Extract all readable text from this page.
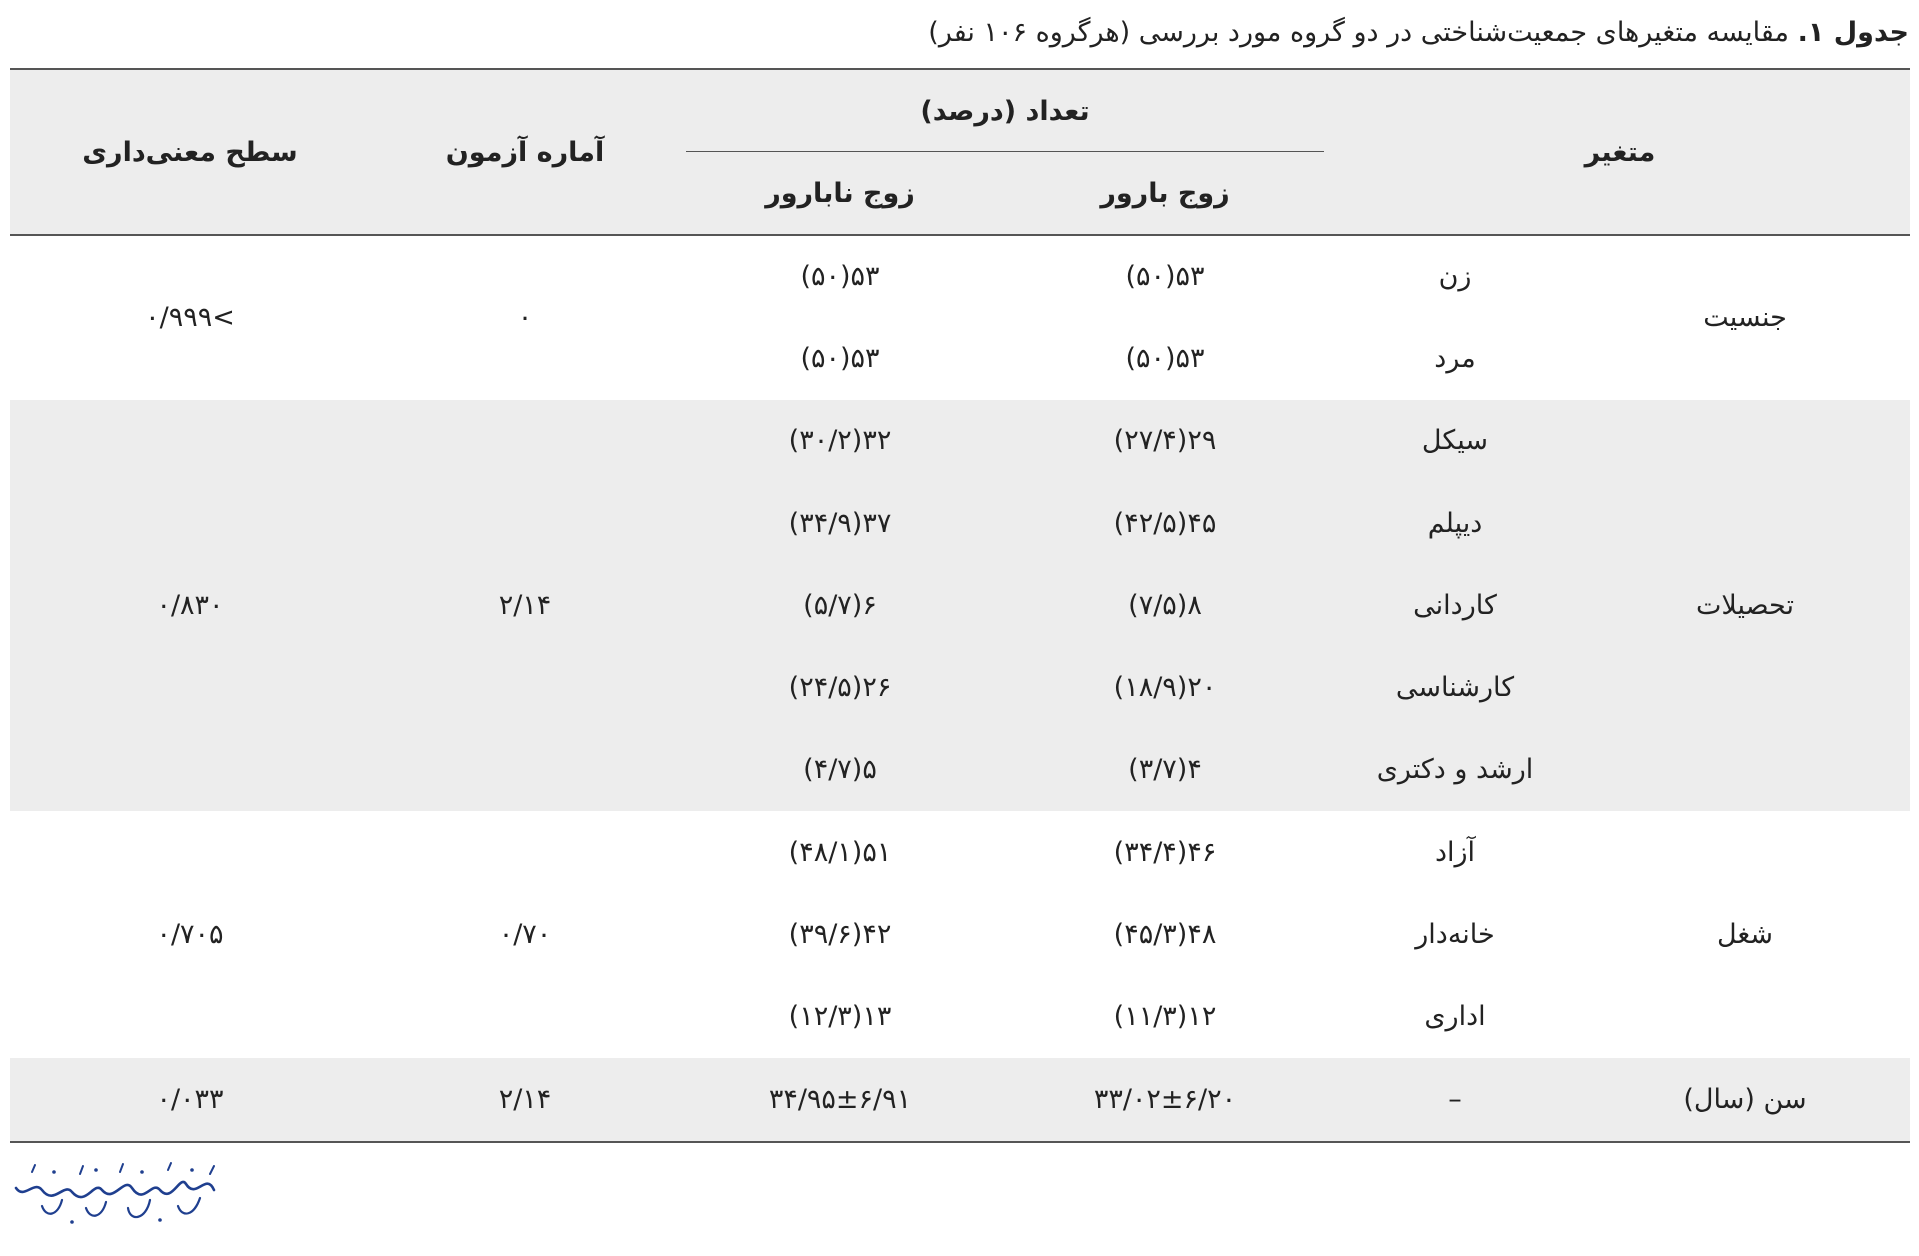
جدول ۱. مقایسه متغیرهای جمعیت‌شناختی در دو گروه مورد بررسی (هرگروه ۱۰۶ نفر)
متغیر		تعداد (درصد)		آماره آزمون	سطح معنی‌داری
		زوج بارور	زوج نابارور		
جنسیت	زن	۵۳(۵۰)	۵۳(۵۰)	۰	>۰/۹۹۹
	مرد	۵۳(۵۰)	۵۳(۵۰)		
تحصیلات	سیکل	۲۹(۲۷/۴)	۳۲(۳۰/۲)	۲/۱۴	۰/۸۳۰
	دیپلم	۴۵(۴۲/۵)	۳۷(۳۴/۹)		
	کاردانی	۸(۷/۵)	۶(۵/۷)		
	کارشناسی	۲۰(۱۸/۹)	۲۶(۲۴/۵)		
	ارشد و دکتری	۴(۳/۷)	۵(۴/۷)		
شغل	آزاد	۴۶(۳۴/۴)	۵۱(۴۸/۱)	۰/۷۰	۰/۷۰۵
	خانه‌دار	۴۸(۴۵/۳)	۴۲(۳۹/۶)		
	اداری	۱۲(۱۱/۳)	۱۳(۱۲/۳)		
سن (سال)	–	۳۳/۰۲±۶/۲۰	۳۴/۹۵±۶/۹۱	۲/۱۴	۰/۰۳۳
